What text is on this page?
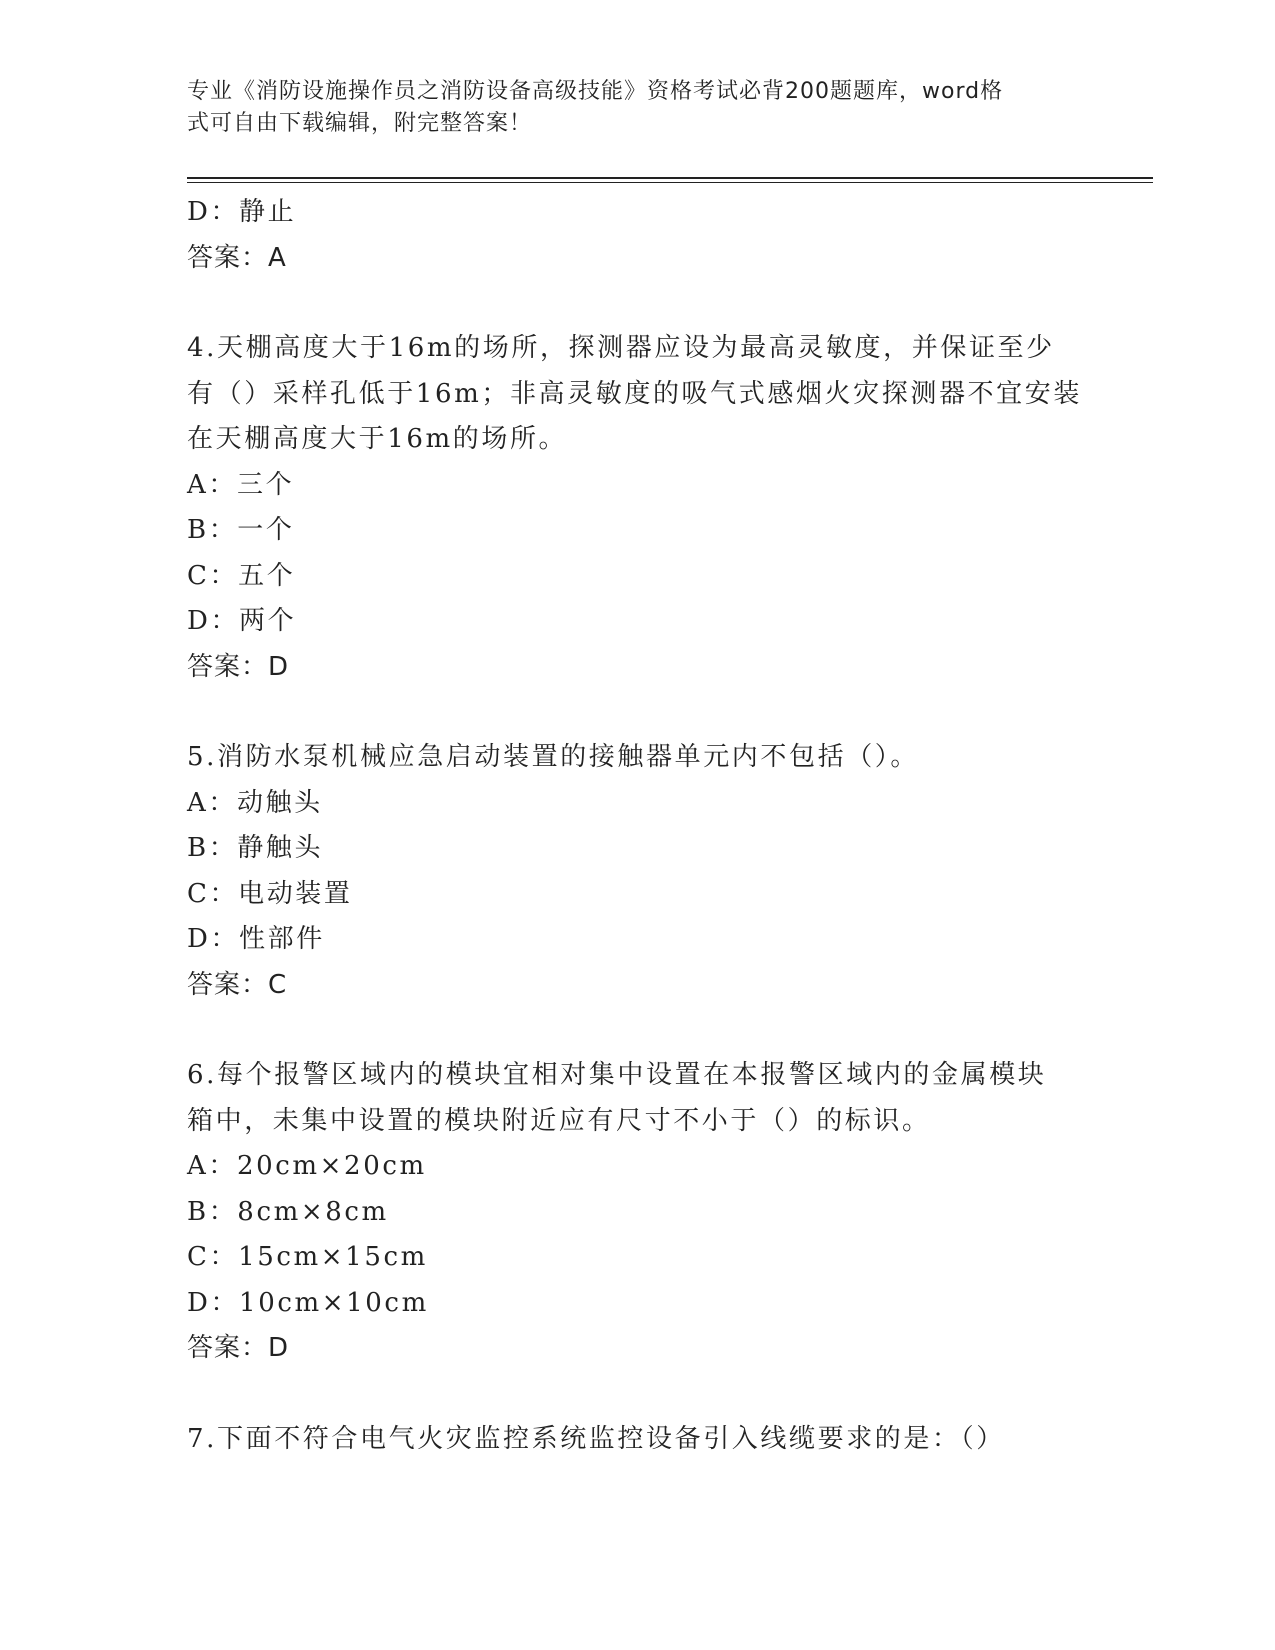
专业《消防设施操作员之消防设备高级技能》资格考试必背200题题库，word格
式可自由下载编辑，附完整答案！

D：静止

答案：A

4.天棚高度大于16m的场所，探测器应设为最高灵敏度，并保证至少

有（）采样孔低于16m；非高灵敏度的吸气式感烟火灾探测器不宜安装

在天棚高度大于16m的场所。

A：三个

B：一个

C：五个

D：两个

答案：D

5.消防水泵机械应急启动装置的接触器单元内不包括（）。

A：动触头

B：静触头

C：电动装置

D：性部件

答案：C

6.每个报警区域内的模块宜相对集中设置在本报警区域内的金属模块

箱中，未集中设置的模块附近应有尺寸不小于（）的标识。

A：20cm×20cm

B：8cm×8cm

C：15cm×15cm

D：10cm×10cm

答案：D

7.下面不符合电气火灾监控系统监控设备引入线缆要求的是：（）
